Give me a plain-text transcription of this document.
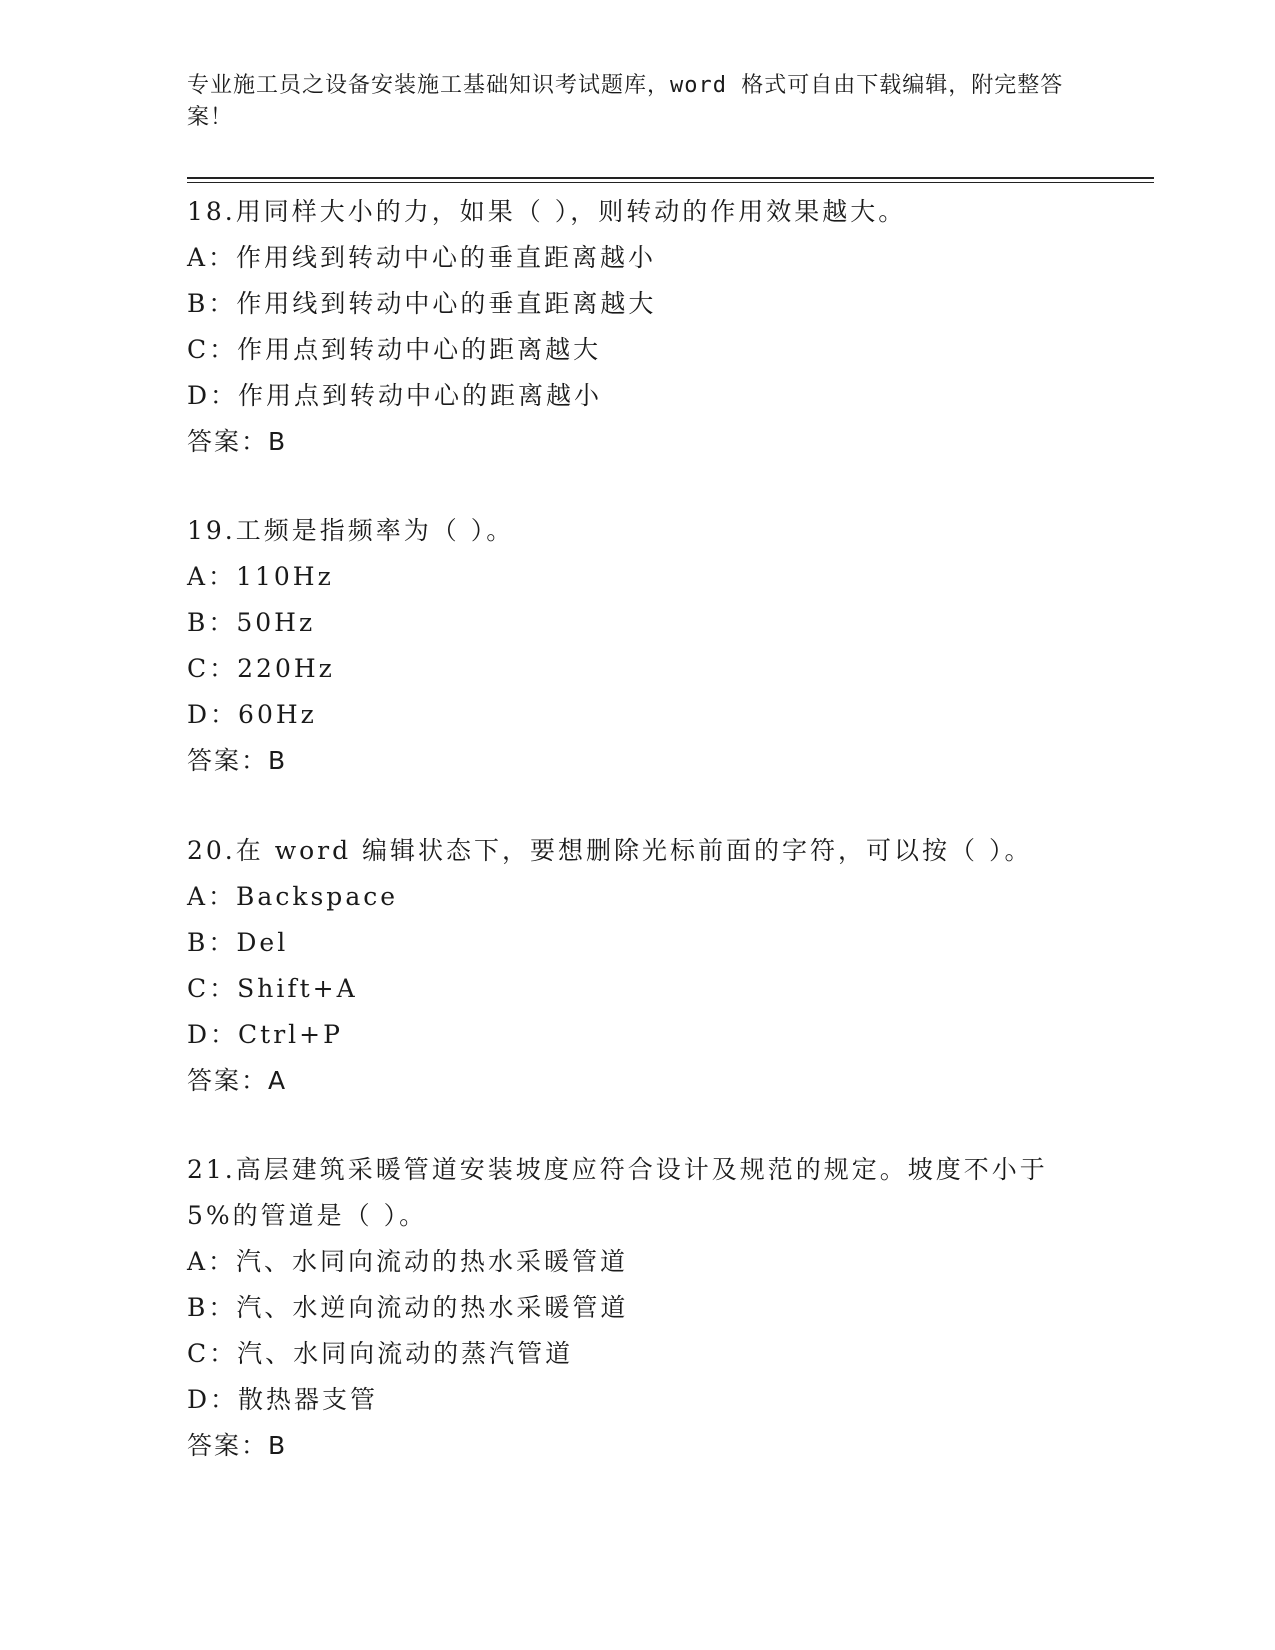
专业施工员之设备安装施工基础知识考试题库，word 格式可自由下载编辑，附完整答案！

18.用同样大小的力，如果（ ），则转动的作用效果越大。

A：作用线到转动中心的垂直距离越小

B：作用线到转动中心的垂直距离越大

C：作用点到转动中心的距离越大

D：作用点到转动中心的距离越小

答案：B

19.工频是指频率为（ ）。

A：110Hz

B：50Hz

C：220Hz

D：60Hz

答案：B

20.在 word 编辑状态下，要想删除光标前面的字符，可以按（ ）。

A：Backspace

B：Del

C：Shift+A

D：Ctrl+P

答案：A

21.高层建筑采暖管道安装坡度应符合设计及规范的规定。坡度不小于5%的管道是（ ）。

A：汽、水同向流动的热水采暖管道

B：汽、水逆向流动的热水采暖管道

C：汽、水同向流动的蒸汽管道

D：散热器支管

答案：B
